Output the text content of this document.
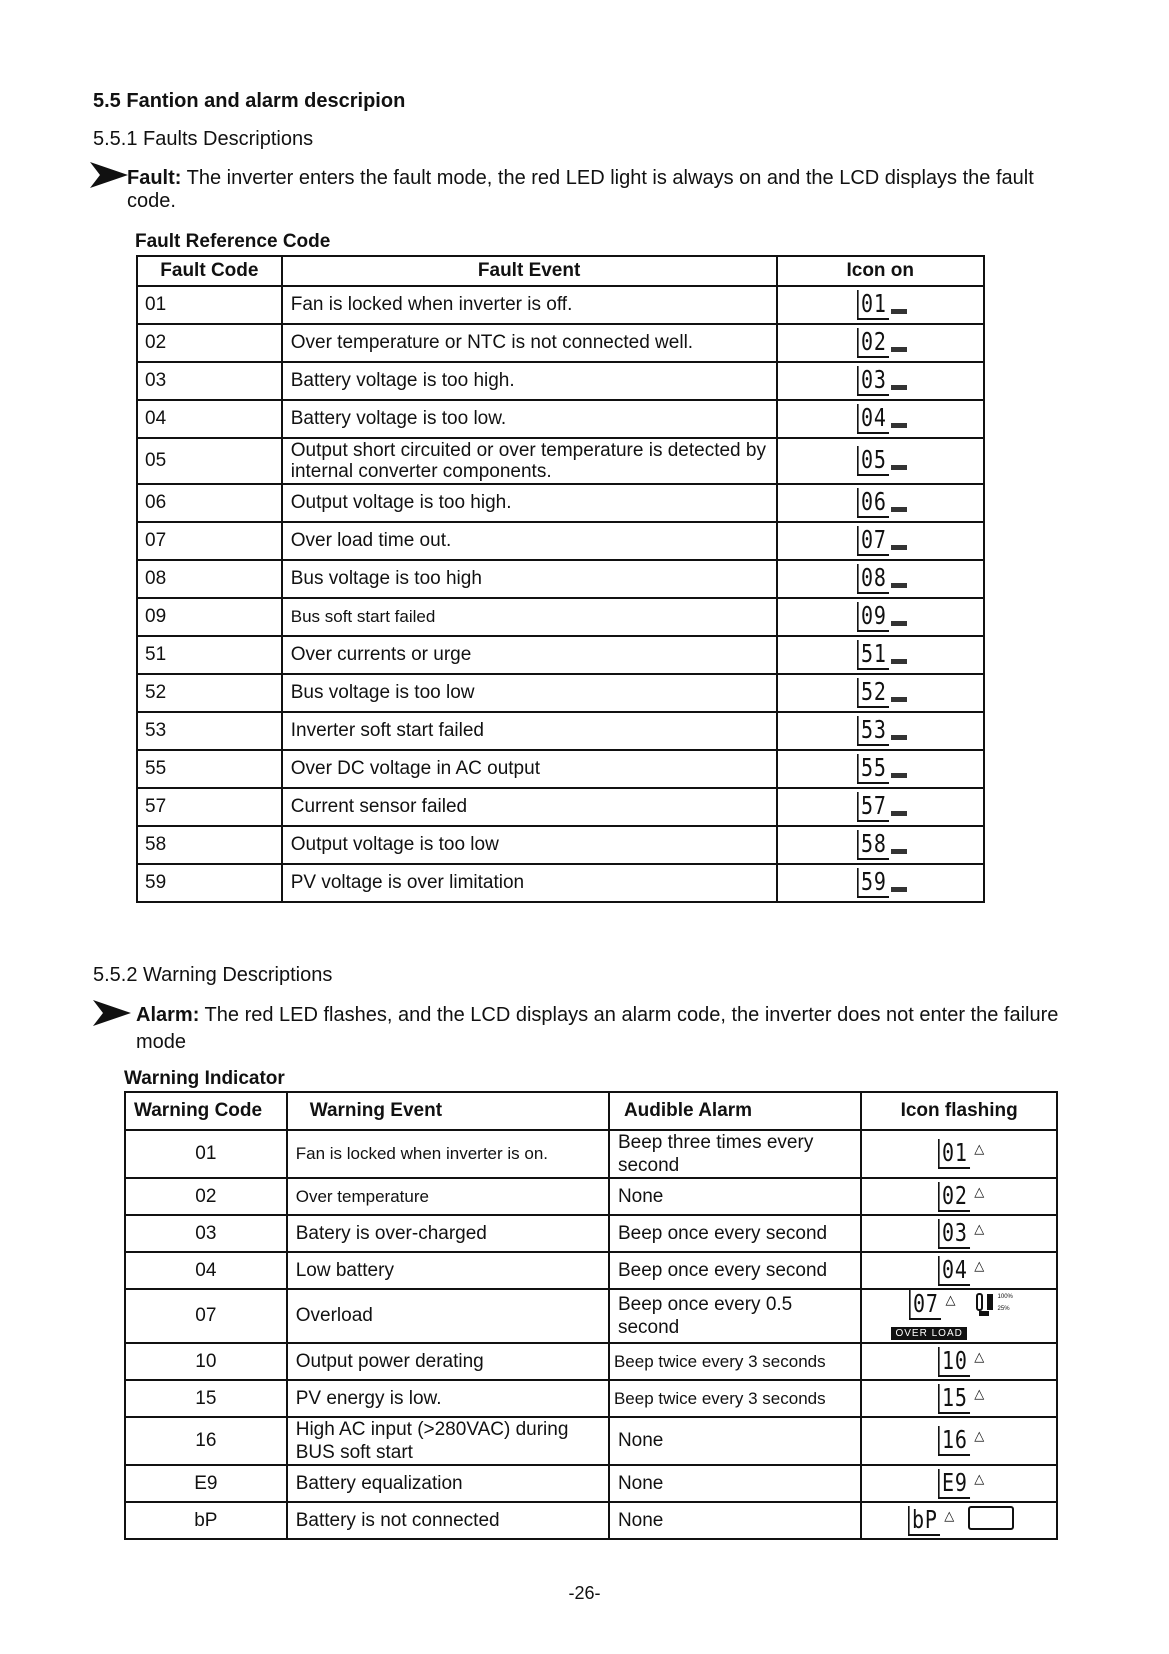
5.5 Fantion and alarm descripion
5.5.1 Faults Descriptions
Fault: The inverter enters the fault mode, the red LED light is always on and the LCD displays the fault code.
Fault Reference Code
Fault Code	Fault Event	Icon on
01	Fan is locked when inverter is off.	01
02	Over temperature or NTC is not connected well.	02
03	Battery voltage is too high.	03
04	Battery voltage is too low.	04
05	Output short circuited or over temperature is detected by internal converter components.	05
06	Output voltage is too high.	06
07	Over load time out.	07
08	Bus voltage is too high	08
09	Bus soft start failed	09
51	Over currents or urge	51
52	Bus voltage is too low	52
53	Inverter soft start failed	53
55	Over DC voltage in AC output	55
57	Current sensor failed	57
58	Output voltage is too low	58
59	PV voltage is over limitation	59
5.5.2 Warning Descriptions
Alarm: The red LED flashes, and the LCD displays an alarm code, the inverter does not enter the failure mode
Warning Indicator
Warning Code	Warning Event	Audible Alarm	Icon flashing
01	Fan is locked when inverter is on.	Beep three times every second	01 △
02	Over temperature	None	02 △
03	Batery is over-charged	Beep once every second	03 △
04	Low battery	Beep once every second	04 △
07	Overload	Beep once every 0.5 second	07 △ 100%
25%
OVER LOAD
10	Output power derating	Beep twice every 3 seconds	10 △
15	PV energy is low.	Beep twice every 3 seconds	15 △
16	High AC input (>280VAC) during BUS soft start	None	16 △
E9	Battery equalization	None	E9 △
bP	Battery is not connected	None	bP △
-26-
